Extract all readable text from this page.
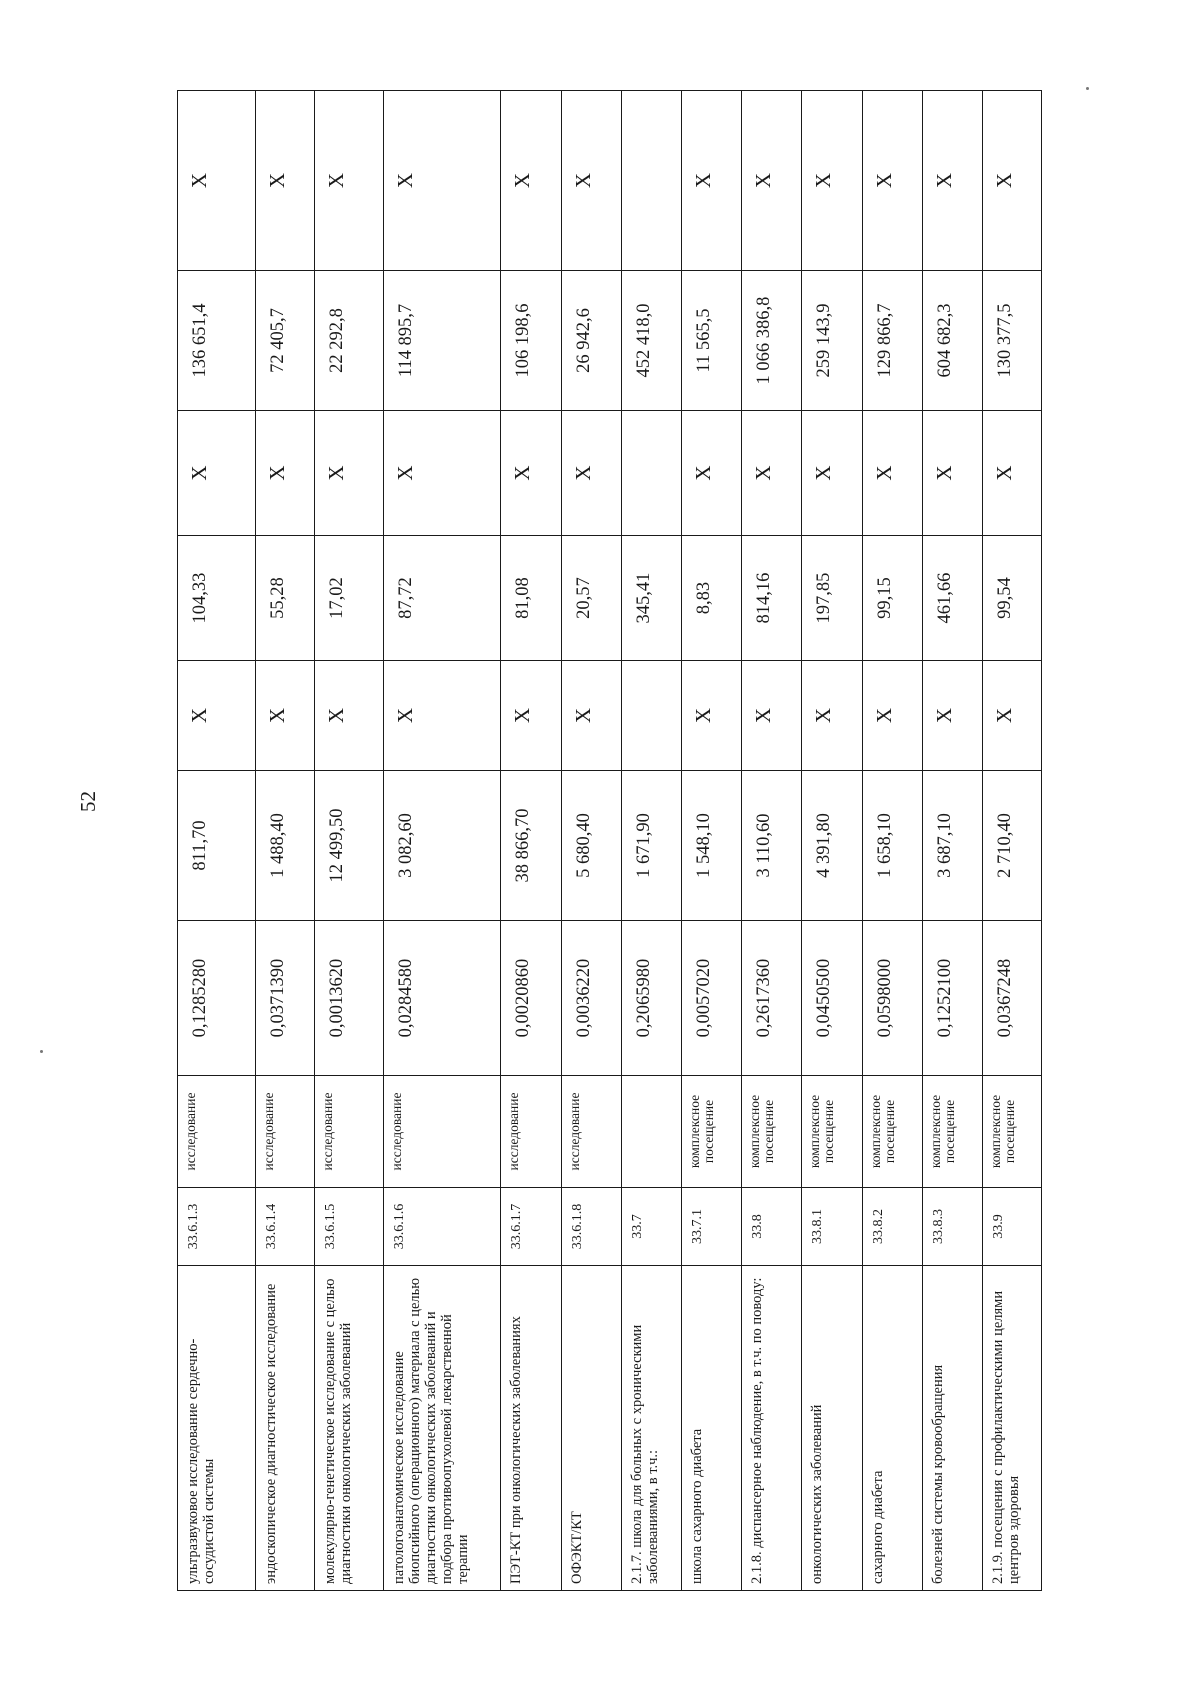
52
ультразвуковое исследование сердечно-сосудистой системы	33.6.1.3	исследование	0,1285280	811,70	X	104,33	X	136 651,4	X
эндоскопическое диагностическое исследование	33.6.1.4	исследование	0,0371390	1 488,40	X	55,28	X	72 405,7	X
молекулярно-генетическое исследование с целью диагностики онкологических заболеваний	33.6.1.5	исследование	0,0013620	12 499,50	X	17,02	X	22 292,8	X
патологоанатомическое исследование биопсийного (операционного) материала с целью диагностики онкологических заболеваний и подбора противоопухолевой лекарственной терапии	33.6.1.6	исследование	0,0284580	3 082,60	X	87,72	X	114 895,7	X
ПЭТ-КТ при онкологических заболеваниях	33.6.1.7	исследование	0,0020860	38 866,70	X	81,08	X	106 198,6	X
ОФЭКТ/КТ	33.6.1.8	исследование	0,0036220	5 680,40	X	20,57	X	26 942,6	X
2.1.7. школа для больных с хроническими заболеваниями, в т.ч.:	33.7		0,2065980	1 671,90		345,41		452 418,0	
школа сахарного диабета	33.7.1	комплексное посещение	0,0057020	1 548,10	X	8,83	X	11 565,5	X
2.1.8. диспансерное наблюдение, в т.ч. по поводу:	33.8	комплексное посещение	0,2617360	3 110,60	X	814,16	X	1 066 386,8	X
онкологических заболеваний	33.8.1	комплексное посещение	0,0450500	4 391,80	X	197,85	X	259 143,9	X
сахарного диабета	33.8.2	комплексное посещение	0,0598000	1 658,10	X	99,15	X	129 866,7	X
болезней системы кровообращения	33.8.3	комплексное посещение	0,1252100	3 687,10	X	461,66	X	604 682,3	X
2.1.9. посещения с профилактическими целями центров здоровья	33.9	комплексное посещение	0,0367248	2 710,40	X	99,54	X	130 377,5	X
